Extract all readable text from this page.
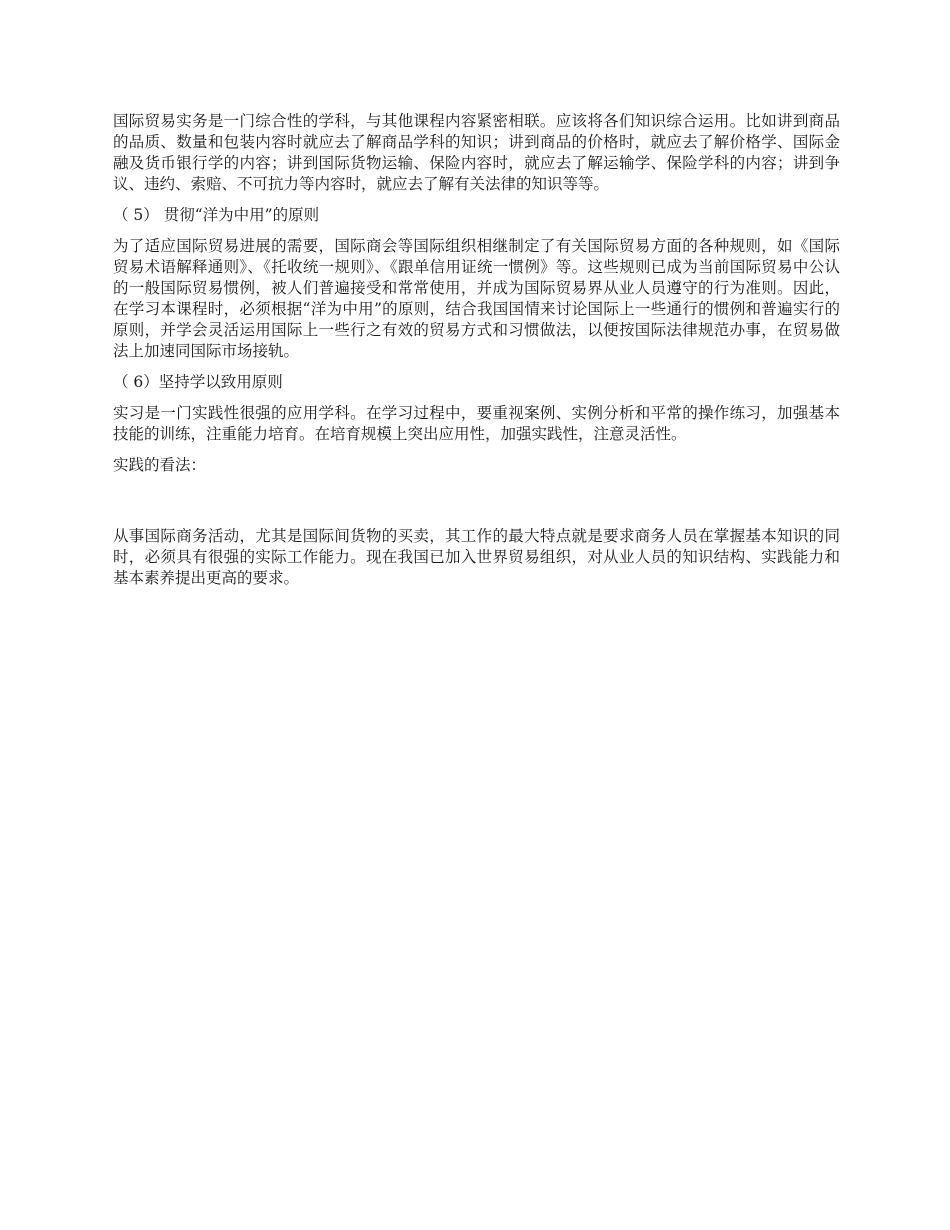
国际贸易实务是一门综合性的学科，与其他课程内容紧密相联。应该将各们知识综合运用。比如讲到商品的品质、数量和包装内容时就应去了解商品学科的知识；讲到商品的价格时，就应去了解价格学、国际金融及货币银行学的内容；讲到国际货物运输、保险内容时，就应去了解运输学、保险学科的内容；讲到争议、违约、索赔、不可抗力等内容时，就应去了解有关法律的知识等等。

（ 5） 贯彻“洋为中用”的原则

为了适应国际贸易进展的需要，国际商会等国际组织相继制定了有关国际贸易方面的各种规则，如《国际贸易术语解释通则》、《托收统一规则》、《跟单信用证统一惯例》等。这些规则已成为当前国际贸易中公认的一般国际贸易惯例，被人们普遍接受和常常使用，并成为国际贸易界从业人员遵守的行为准则。因此，在学习本课程时，必须根据“洋为中用”的原则，结合我国国情来讨论国际上一些通行的惯例和普遍实行的原则，并学会灵活运用国际上一些行之有效的贸易方式和习惯做法，以便按国际法律规范办事，在贸易做法上加速同国际市场接轨。

（ 6）坚持学以致用原则

实习是一门实践性很强的应用学科。在学习过程中，要重视案例、实例分析和平常的操作练习，加强基本技能的训练，注重能力培育。在培育规模上突出应用性，加强实践性，注意灵活性。

实践的看法：

从事国际商务活动，尤其是国际间货物的买卖，其工作的最大特点就是要求商务人员在掌握基本知识的同时，必须具有很强的实际工作能力。现在我国已加入世界贸易组织，对从业人员的知识结构、实践能力和基本素养提出更高的要求。
